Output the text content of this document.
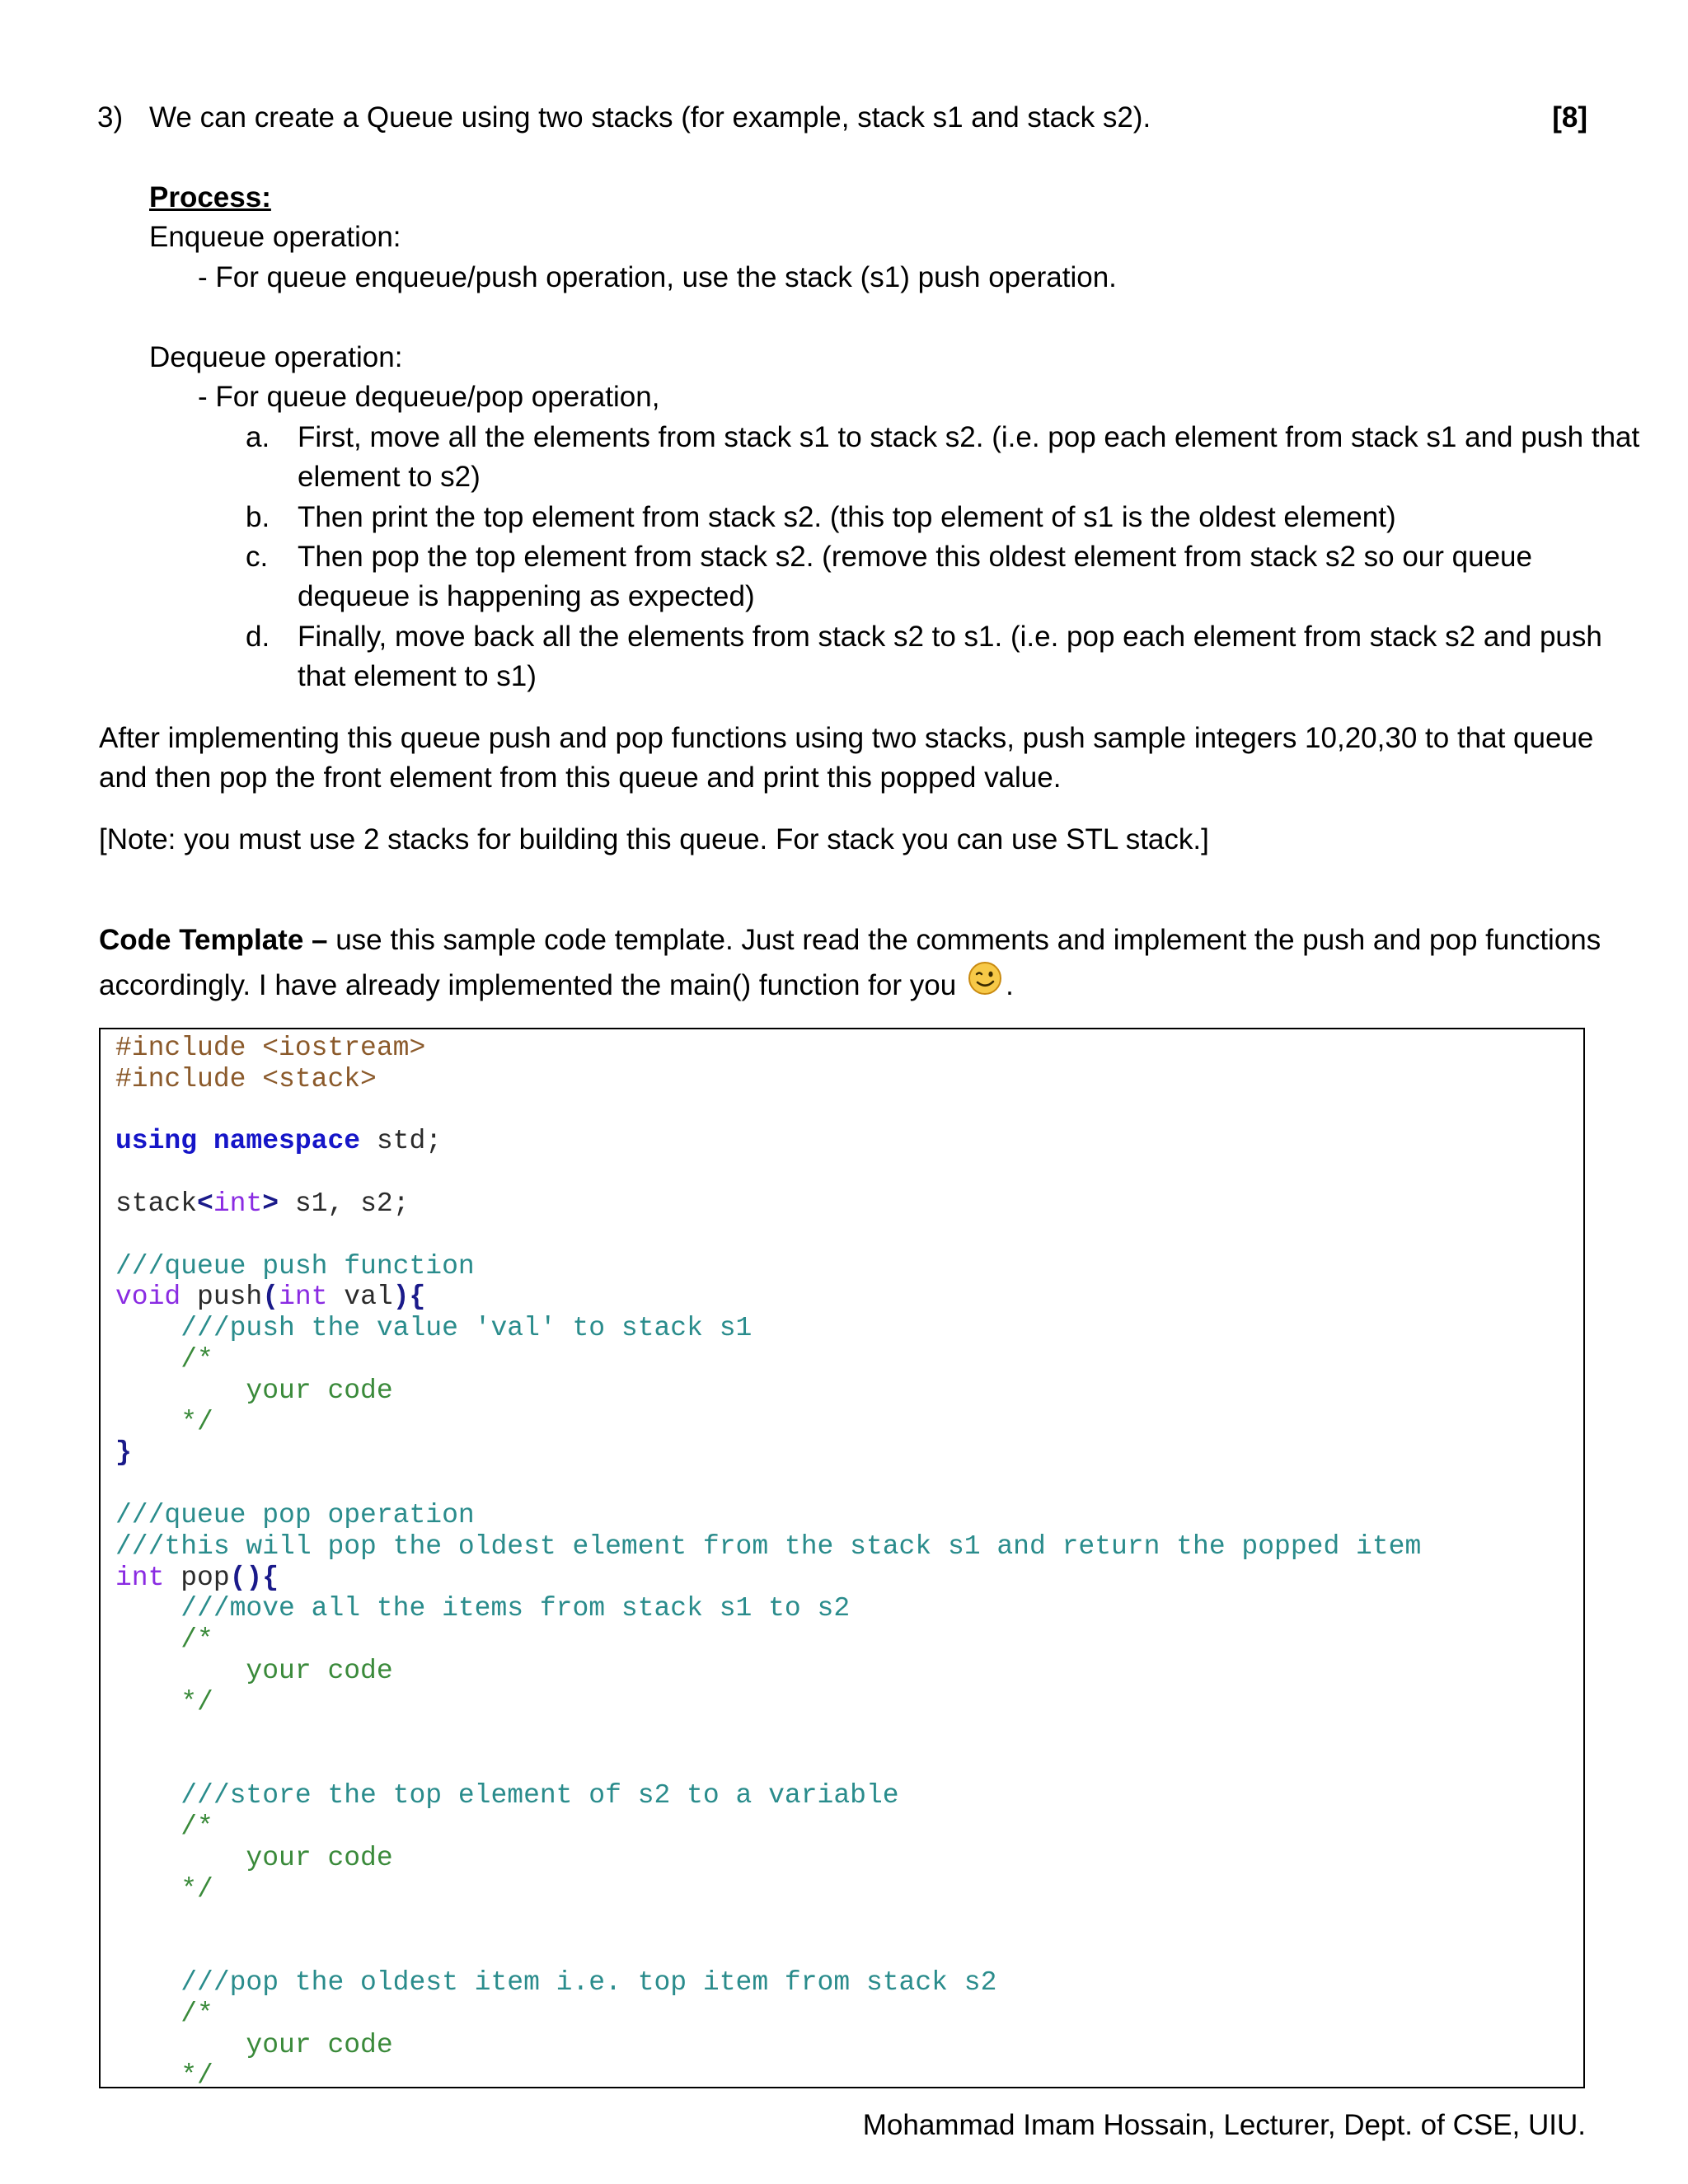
3) We can create a Queue using two stacks (for example, stack s1 and stack s2).	[8]
Process:
Enqueue operation:
- For queue enqueue/push operation, use the stack (s1) push operation.
Dequeue operation:
- For queue dequeue/pop operation,
a. First, move all the elements from stack s1 to stack s2. (i.e. pop each element from stack s1 and push that
element to s2)
b. Then print the top element from stack s2. (this top element of s1 is the oldest element)
c. Then pop the top element from stack s2. (remove this oldest element from stack s2 so our queue
dequeue is happening as expected)
d. Finally, move back all the elements from stack s2 to s1. (i.e. pop each element from stack s2 and push
that element to s1)
After implementing this queue push and pop functions using two stacks, push sample integers 10,20,30 to that queue
and then pop the front element from this queue and print this popped value.
[Note: you must use 2 stacks for building this queue. For stack you can use STL stack.]
Code Template – use this sample code template. Just read the comments and implement the push and pop functions
accordingly. I have already implemented the main() function for you .
#include <iostream>
#include <stack>
using namespace std;
stack<int> s1, s2;
///queue push function
void push(int val){
///push the value 'val' to stack s1
/*
your code
*/
}
///queue pop operation
///this will pop the oldest element from the stack s1 and return the popped item
int pop(){
///move all the items from stack s1 to s2
/*
your code
*/
///store the top element of s2 to a variable
/*
your code
*/
///pop the oldest item i.e. top item from stack s2
/*
your code
*/
Mohammad Imam Hossain, Lecturer, Dept. of CSE, UIU.
